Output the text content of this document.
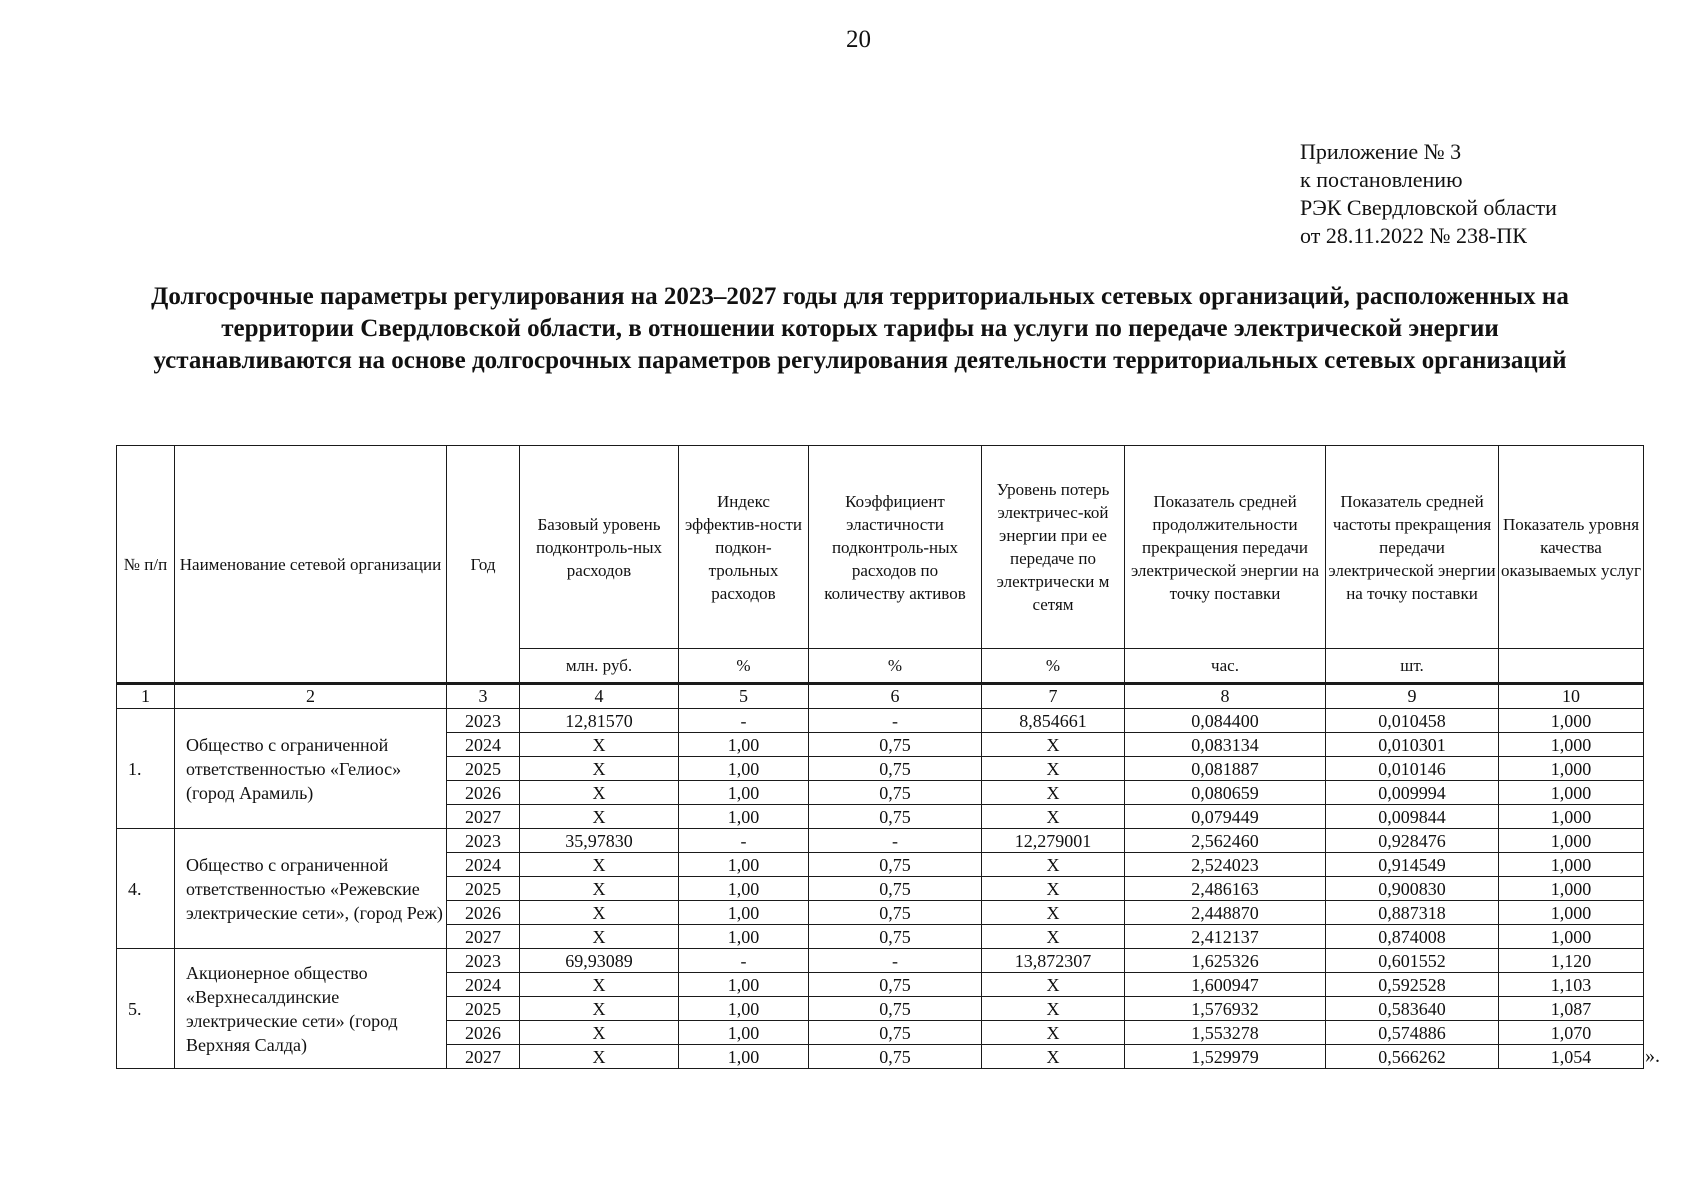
20
Приложение № 3
к постановлению
РЭК Свердловской области
от 28.11.2022 № 238-ПК
Долгосрочные параметры регулирования на 2023–2027 годы для территориальных сетевых организаций, расположенных на территории Свердловской области, в отношении которых тарифы на услуги по передаче электрической энергии устанавливаются на основе долгосрочных параметров регулирования деятельности территориальных сетевых организаций
№ п/п	Наименование сетевой организации	Год	Базовый уровень подконтроль-ных расходов	Индекс эффектив-ности подкон-трольных расходов	Коэффициент эластичности подконтроль-ных расходов по количеству активов	Уровень потерь электричес-кой энергии при ее передаче по электрически м сетям	Показатель средней продолжительности прекращения передачи электрической энергии на точку поставки	Показатель средней частоты прекращения передачи электрической энергии на точку поставки	Показатель уровня качества оказываемых услуг
			млн. руб.	%	%	%	час.	шт.	
1	2	3	4	5	6	7	8	9	10
1.	Общество с ограниченной ответственностью «Гелиос» (город Арамиль)	2023	12,81570	-	-	8,854661	0,084400	0,010458	1,000
		2024	Х	1,00	0,75	Х	0,083134	0,010301	1,000
		2025	Х	1,00	0,75	Х	0,081887	0,010146	1,000
		2026	Х	1,00	0,75	Х	0,080659	0,009994	1,000
		2027	Х	1,00	0,75	Х	0,079449	0,009844	1,000
4.	Общество с ограниченной ответственностью «Режевские электрические сети», (город Реж)	2023	35,97830	-	-	12,279001	2,562460	0,928476	1,000
		2024	Х	1,00	0,75	Х	2,524023	0,914549	1,000
		2025	Х	1,00	0,75	Х	2,486163	0,900830	1,000
		2026	Х	1,00	0,75	Х	2,448870	0,887318	1,000
		2027	Х	1,00	0,75	Х	2,412137	0,874008	1,000
5.	Акционерное общество «Верхнесалдинские электрические сети» (город Верхняя Салда)	2023	69,93089	-	-	13,872307	1,625326	0,601552	1,120
		2024	Х	1,00	0,75	Х	1,600947	0,592528	1,103
		2025	Х	1,00	0,75	Х	1,576932	0,583640	1,087
		2026	Х	1,00	0,75	Х	1,553278	0,574886	1,070
		2027	Х	1,00	0,75	Х	1,529979	0,566262	1,054	».
